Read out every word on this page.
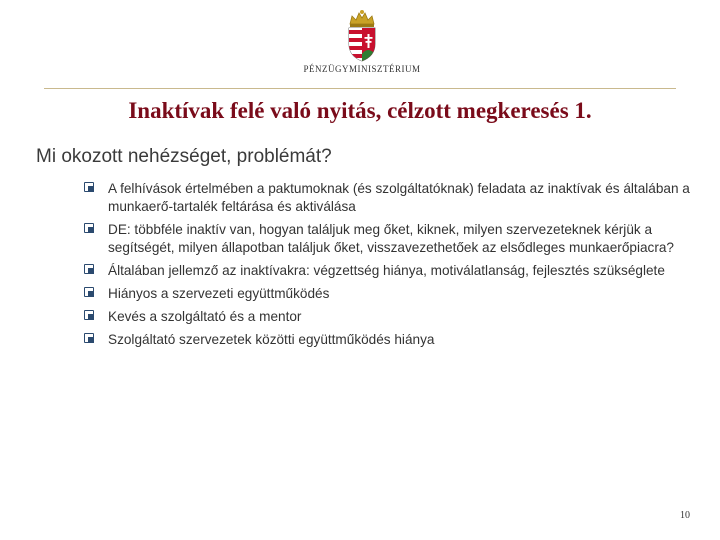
PÉNZÜGYMINISZTÉRIUM
Inaktívak felé való nyitás, célzott megkeresés 1.
Mi okozott nehézséget, problémát?
A felhívások értelmében a paktumoknak (és szolgáltatóknak) feladata az inaktívak és általában a munkaerő-tartalék feltárása és aktiválása
DE: többféle inaktív van, hogyan találjuk meg őket, kiknek, milyen szervezeteknek kérjük a segítségét, milyen állapotban találjuk őket, visszavezethetőek az elsődleges munkaerőpiacra?
Általában jellemző az inaktívakra: végzettség hiánya, motiválatlanság, fejlesztés szükséglete
Hiányos a szervezeti együttműködés
Kevés a szolgáltató és a mentor
Szolgáltató szervezetek közötti együttműködés hiánya
10
